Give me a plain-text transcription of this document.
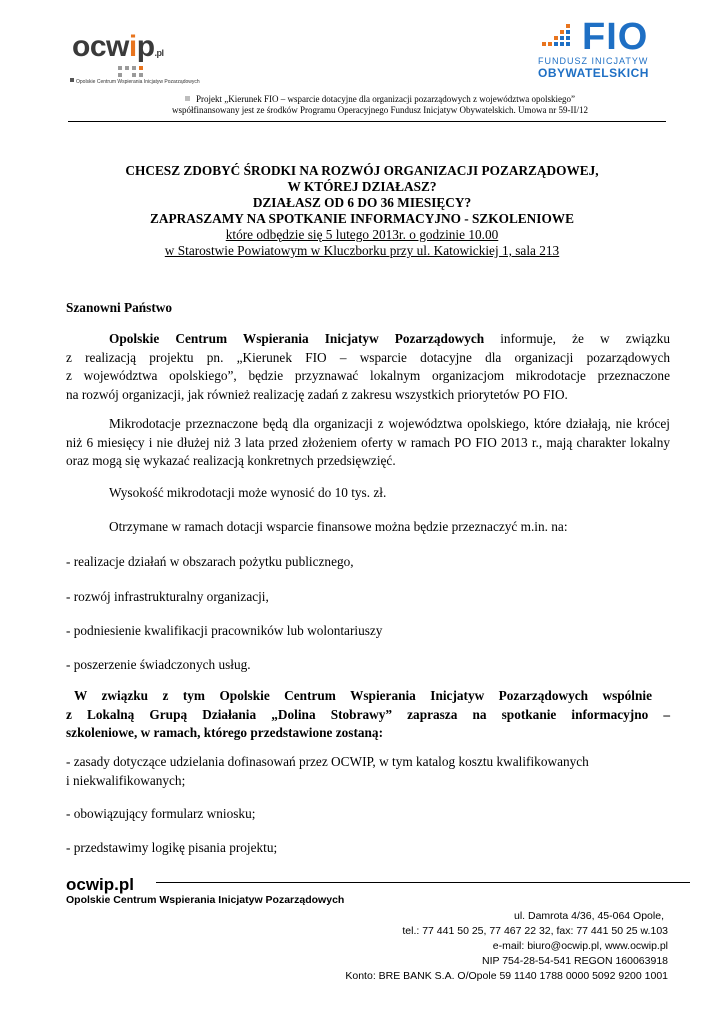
ocwip.pl
Opolskie Centrum Wspierania Inicjatyw Pozarządowych
FIO
FUNDUSZ INICJATYW
OBYWATELSKICH
Projekt „Kierunek FIO – wsparcie dotacyjne dla organizacji pozarządowych z województwa opolskiego”
współfinansowany jest ze środków Programu Operacyjnego Fundusz Inicjatyw Obywatelskich. Umowa nr 59-II/12
CHCESZ ZDOBYĆ ŚRODKI NA ROZWÓJ ORGANIZACJI POZARZĄDOWEJ,
W KTÓREJ DZIAŁASZ?
DZIAŁASZ OD 6 DO 36 MIESIĘCY?
ZAPRASZAMY NA SPOTKANIE INFORMACYJNO - SZKOLENIOWE
które odbędzie się 5 lutego 2013r. o godzinie 10.00
w Starostwie Powiatowym w Kluczborku przy ul. Katowickiej 1, sala 213
Szanowni Państwo
Opolskie Centrum Wspierania Inicjatyw Pozarządowych informuje, że w związku
z realizacją projektu pn. „Kierunek FIO – wsparcie dotacyjne dla organizacji pozarządowych
z województwa opolskiego”, będzie przyznawać lokalnym organizacjom mikrodotacje przeznaczone
na rozwój organizacji, jak również realizację zadań z zakresu wszystkich priorytetów PO FIO.
Mikrodotacje przeznaczone będą dla organizacji z województwa opolskiego, które działają, nie krócej niż 6 miesięcy i nie dłużej niż 3 lata przed złożeniem oferty w ramach PO FIO 2013 r., mają charakter lokalny oraz mogą się wykazać realizacją konkretnych przedsięwzięć.
Wysokość mikrodotacji może wynosić do 10 tys. zł.
Otrzymane w ramach dotacji wsparcie finansowe można będzie przeznaczyć m.in. na:
- realizacje działań w obszarach pożytku publicznego,
- rozwój infrastrukturalny organizacji,
- podniesienie kwalifikacji pracowników lub wolontariuszy
- poszerzenie świadczonych usług.
W związku z tym Opolskie Centrum Wspierania Inicjatyw Pozarządowych wspólnie
z Lokalną Grupą Działania „Dolina Stobrawy” zaprasza na spotkanie informacyjno –
szkoleniowe, w ramach, którego przedstawione zostaną:
- zasady dotyczące udzielania dofinasowań przez OCWIP, w tym katalog kosztu kwalifikowanych
i niekwalifikowanych;
- obowiązujący formularz wniosku;
- przedstawimy logikę pisania projektu;
ocwip.pl
Opolskie Centrum Wspierania Inicjatyw Pozarządowych
ul. Damrota 4/36, 45-064 Opole,
tel.: 77 441 50 25, 77 467 22 32, fax: 77 441 50 25 w.103
e-mail: biuro@ocwip.pl, www.ocwip.pl
NIP 754-28-54-541 REGON 160063918
Konto: BRE BANK S.A. O/Opole 59 1140 1788 0000 5092 9200 1001
